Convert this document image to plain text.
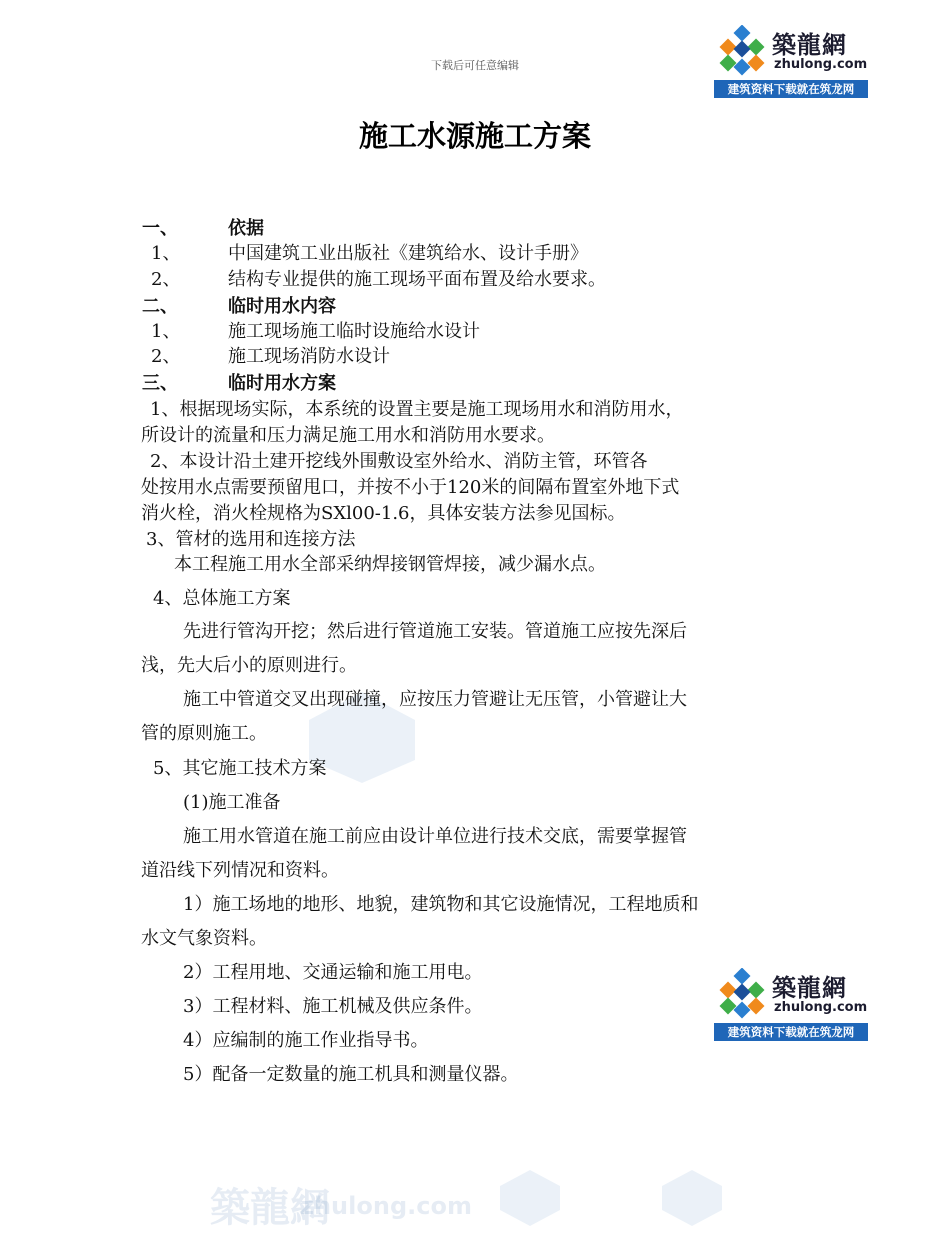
下载后可任意编辑
築龍網
zhulong.com
建筑资料下载就在筑龙网
施工水源施工方案
築龍網
zhulong.com
一、	依据
1、	中国建筑工业出版社《建筑给水、设计手册》
2、	结构专业提供的施工现场平面布置及给水要求。
二、	临时用水内容
1、	施工现场施工临时设施给水设计
2、	施工现场消防水设计
三、	临时用水方案
1、根据现场实际，本系统的设置主要是施工现场用水和消防用水，
所设计的流量和压力满足施工用水和消防用水要求。
2、本设计沿土建开挖线外围敷设室外给水、消防主管，环管各
处按用水点需要预留甩口，并按不小于120米的间隔布置室外地下式
消火栓，消火栓规格为SXl00-1.6，具体安装方法参见国标。
3、管材的选用和连接方法
本工程施工用水全部采纳焊接钢管焊接，减少漏水点。
4、总体施工方案
先进行管沟开挖；然后进行管道施工安装。管道施工应按先深后
浅，先大后小的原则进行。
施工中管道交叉出现碰撞，应按压力管避让无压管，小管避让大
管的原则施工。
5、其它施工技术方案
(1)施工准备
施工用水管道在施工前应由设计单位进行技术交底，需要掌握管
道沿线下列情况和资料。
1）施工场地的地形、地貌，建筑物和其它设施情况，工程地质和
水文气象资料。
2）工程用地、交通运输和施工用电。
3）工程材料、施工机械及供应条件。
4）应编制的施工作业指导书。
5）配备一定数量的施工机具和测量仪器。
築龍網
zhulong.com
建筑资料下载就在筑龙网
